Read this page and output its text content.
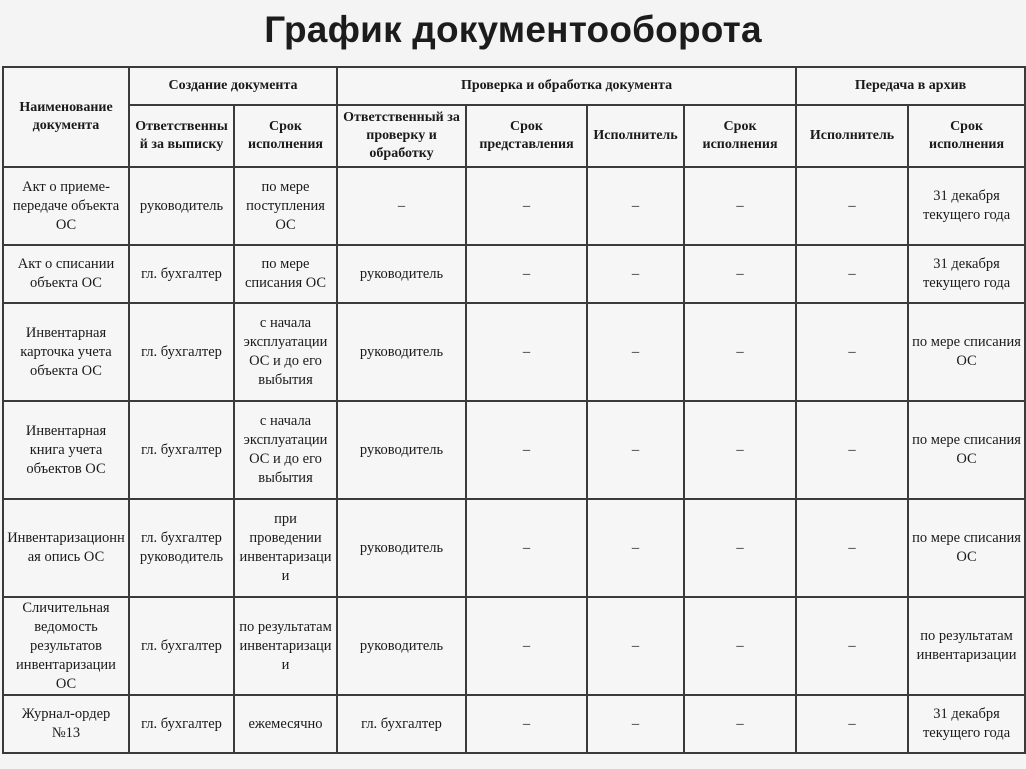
График документооборота
Наименование документа	Создание документа		Проверка и обработка документа				Передача в архив	
	Ответственный за выписку	Срок исполнения	Ответственный за проверку и обработку	Срок представления	Исполнитель	Срок исполнения	Исполнитель	Срок исполнения
Акт о приеме-передаче объекта ОС	руководитель	по мере поступления ОС	–	–	–	–	–	31 декабря текущего года
Акт о списании объекта ОС	гл. бухгалтер	по мере списания ОС	руководитель	–	–	–	–	31 декабря текущего года
Инвентарная карточка учета объекта ОС	гл. бухгалтер	с начала эксплуатации ОС и до его выбытия	руководитель	–	–	–	–	по мере списания ОС
Инвентарная книга учета объектов ОС	гл. бухгалтер	с начала эксплуатации ОС и до его выбытия	руководитель	–	–	–	–	по мере списания ОС
Инвентаризационная опись ОС	гл. бухгалтер руководитель	при проведении инвентаризации	руководитель	–	–	–	–	по мере списания ОС
Сличительная ведомость результатов инвентаризации ОС	гл. бухгалтер	по результатам инвентаризации	руководитель	–	–	–	–	по результатам инвентаризации
Журнал-ордер №13	гл. бухгалтер	ежемесячно	гл. бухгалтер	–	–	–	–	31 декабря текущего года
